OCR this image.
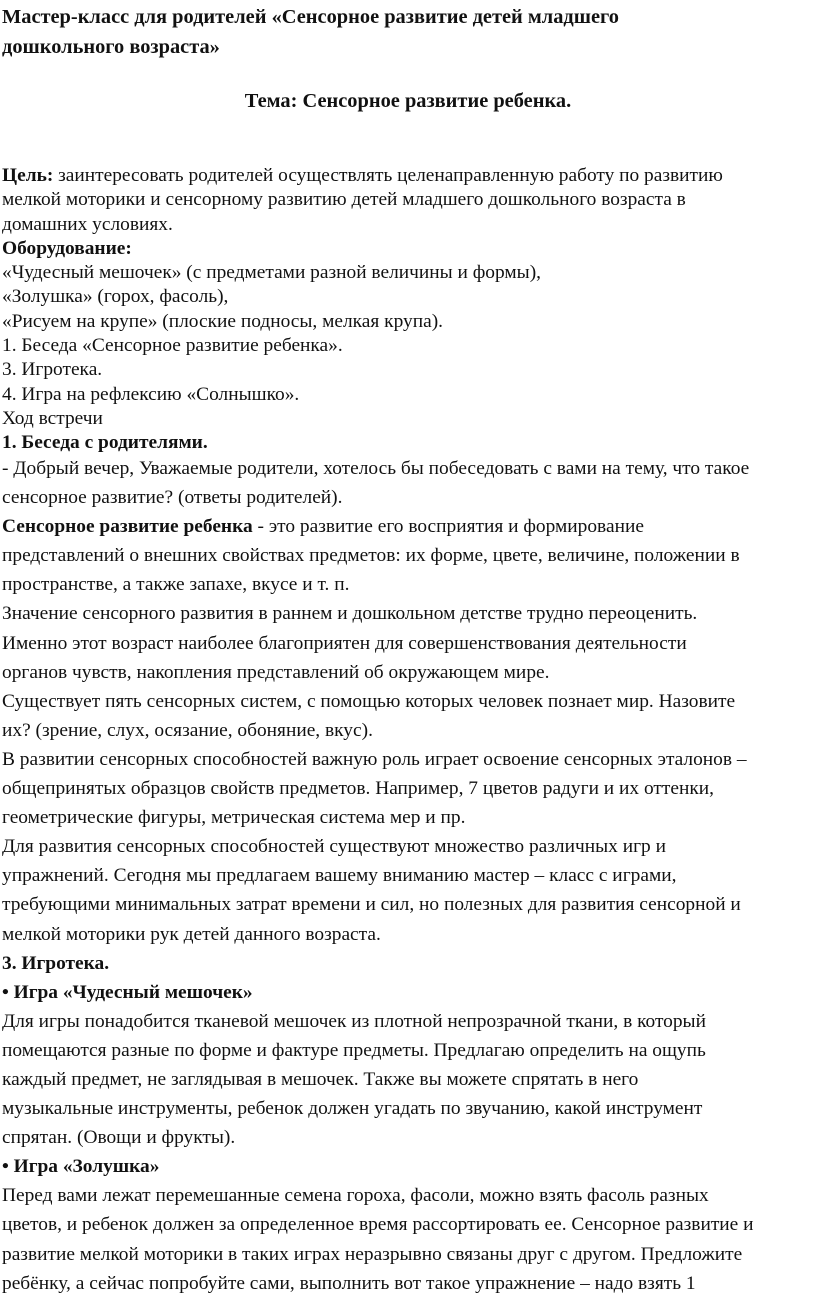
Мастер-класс для родителей «Сенсорное развитие детей младшего
дошкольного возраста»
Тема: Сенсорное развитие ребенка.

Цель: заинтересовать родителей осуществлять целенаправленную работу по развитию

мелкой моторики и сенсорному развитию детей младшего дошкольного возраста в

домашних условиях.

Оборудование:

«Чудесный мешочек» (с предметами разной величины и формы),

«Золушка» (горох, фасоль),

«Рисуем на крупе» (плоские подносы, мелкая крупа).

1. Беседа «Сенсорное развитие ребенка».

3. Игротека.

4. Игра на рефлексию «Солнышко».

Ход встречи

1. Беседа с родителями.

- Добрый вечер, Уважаемые родители, хотелось бы побеседовать с вами на тему, что такое

сенсорное развитие? (ответы родителей).

Сенсорное развитие ребенка - это развитие его восприятия и формирование

представлений о внешних свойствах предметов: их форме, цвете, величине, положении в

пространстве, а также запахе, вкусе и т. п.

Значение сенсорного развития в раннем и дошкольном детстве трудно переоценить.

Именно этот возраст наиболее благоприятен для совершенствования деятельности

органов чувств, накопления представлений об окружающем мире.

Существует пять сенсорных систем, с помощью которых человек познает мир. Назовите

их? (зрение, слух, осязание, обоняние, вкус).

В развитии сенсорных способностей важную роль играет освоение сенсорных эталонов –

общепринятых образцов свойств предметов. Например, 7 цветов радуги и их оттенки,

геометрические фигуры, метрическая система мер и пр.

Для развития сенсорных способностей существуют множество различных игр и

упражнений. Сегодня мы предлагаем вашему вниманию мастер – класс с играми,

требующими минимальных затрат времени и сил, но полезных для развития сенсорной и

мелкой моторики рук детей данного возраста.

3. Игротека.

• Игра «Чудесный мешочек»

Для игры понадобится тканевой мешочек из плотной непрозрачной ткани, в который

помещаются разные по форме и фактуре предметы. Предлагаю определить на ощупь

каждый предмет, не заглядывая в мешочек. Также вы можете спрятать в него

музыкальные инструменты, ребенок должен угадать по звучанию, какой инструмент

спрятан. (Овощи и фрукты).

• Игра «Золушка»

Перед вами лежат перемешанные семена гороха, фасоли, можно взять фасоль разных

цветов, и ребенок должен за определенное время рассортировать ее. Сенсорное развитие и

развитие мелкой моторики в таких играх неразрывно связаны друг с другом. Предложите

ребёнку, а сейчас попробуйте сами, выполнить вот такое упражнение – надо взять 1
